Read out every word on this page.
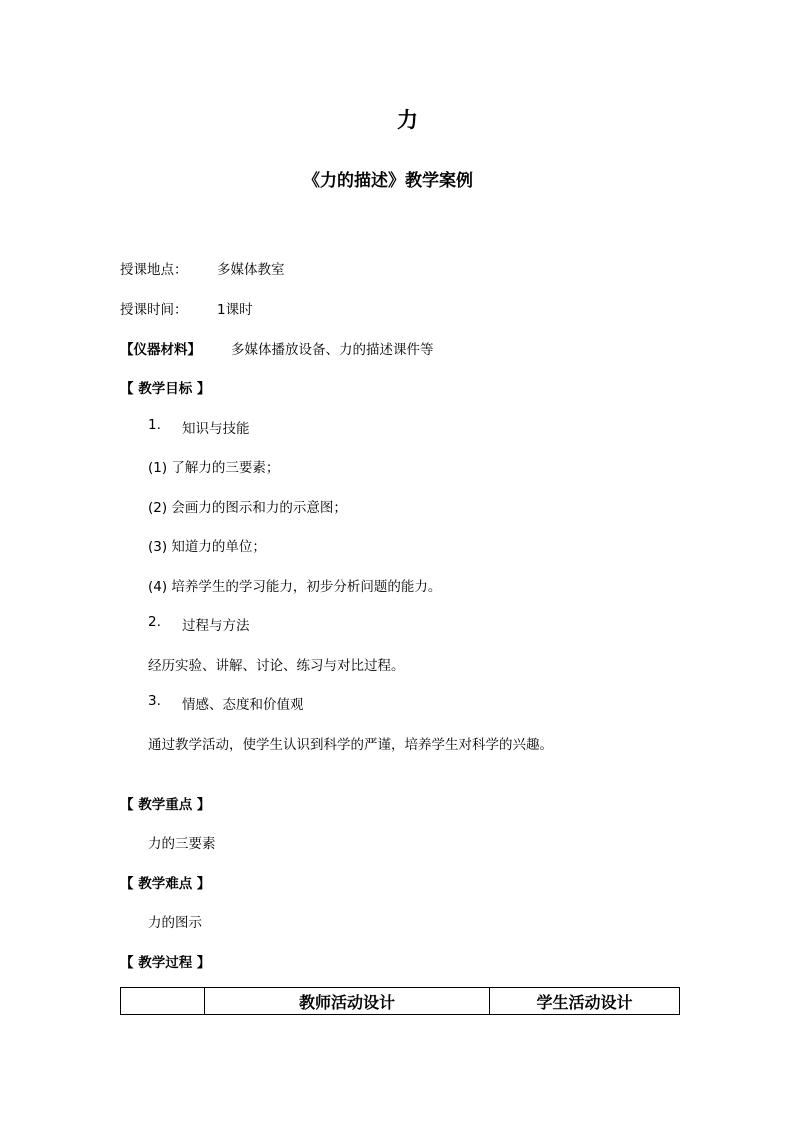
力
《力的描述》教学案例
授课地点： 多媒体教室
授课时间： 1课时
【仪器材料】 多媒体播放设备、力的描述课件等
【 教学目标 】
1. 知识与技能
(1) 了解力的三要素；
(2) 会画力的图示和力的示意图；
(3) 知道力的单位；
(4) 培养学生的学习能力，初步分析问题的能力。
2. 过程与方法
经历实验、讲解、讨论、练习与对比过程。
3. 情感、态度和价值观
通过教学活动，使学生认识到科学的严谨，培养学生对科学的兴趣。
【 教学重点 】
力的三要素
【 教学难点 】
力的图示
【 教学过程 】
	教师活动设计	学生活动设计
